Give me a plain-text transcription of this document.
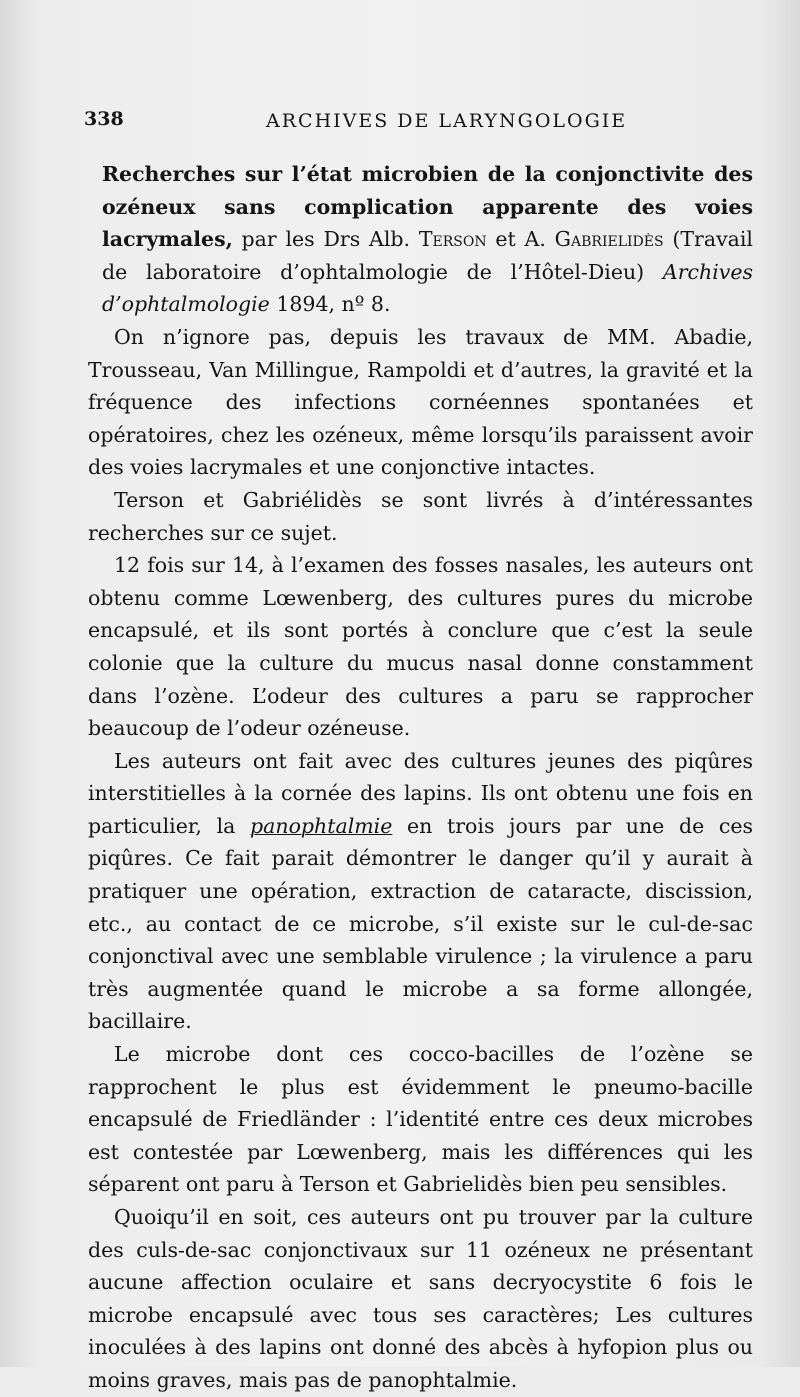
338	ARCHIVES DE LARYNGOLOGIE

Recherches sur l’état microbien de la conjonctivite des ozéneux sans complication apparente des voies lacrymales, par les Drs Alb. Terson et A. Gabrielidès (Travail de laboratoire d’ophtalmologie de l’Hôtel-Dieu) Archives d’ophtalmologie 1894, nº 8.

On n’ignore pas, depuis les travaux de MM. Abadie, Trousseau, Van Millingue, Rampoldi et d’autres, la gravité et la fréquence des infections cornéennes spontanées et opératoires, chez les ozéneux, même lorsqu’ils paraissent avoir des voies lacrymales et une conjonctive intactes.

Terson et Gabriélidès se sont livrés à d’intéressantes recherches sur ce sujet.

12 fois sur 14, à l’examen des fosses nasales, les auteurs ont obtenu comme Lœwenberg, des cultures pures du microbe encapsulé, et ils sont portés à conclure que c’est la seule colonie que la culture du mucus nasal donne constamment dans l’ozène. L’odeur des cultures a paru se rapprocher beaucoup de l’odeur ozéneuse.

Les auteurs ont fait avec des cultures jeunes des piqûres interstitielles à la cornée des lapins. Ils ont obtenu une fois en particulier, la panophtalmie en trois jours par une de ces piqûres. Ce fait parait démontrer le danger qu’il y aurait à pratiquer une opération, extraction de cataracte, discission, etc., au contact de ce microbe, s’il existe sur le cul-de-sac conjonctival avec une semblable virulence ; la virulence a paru très augmentée quand le microbe a sa forme allongée, bacillaire.

Le microbe dont ces cocco-bacilles de l’ozène se rapprochent le plus est évidemment le pneumo-bacille encapsulé de Friedländer : l’identité entre ces deux microbes est contestée par Lœwenberg, mais les différences qui les séparent ont paru à Terson et Gabrielidès bien peu sensibles.

Quoiqu’il en soit, ces auteurs ont pu trouver par la culture des culs-de-sac conjonctivaux sur 11 ozéneux ne présentant aucune affection oculaire et sans decryocystite 6 fois le microbe encapsulé avec tous ses caractères; Les cultures inoculées à des lapins ont donné des abcès à hyfopion plus ou moins graves, mais pas de panophtalmie.
